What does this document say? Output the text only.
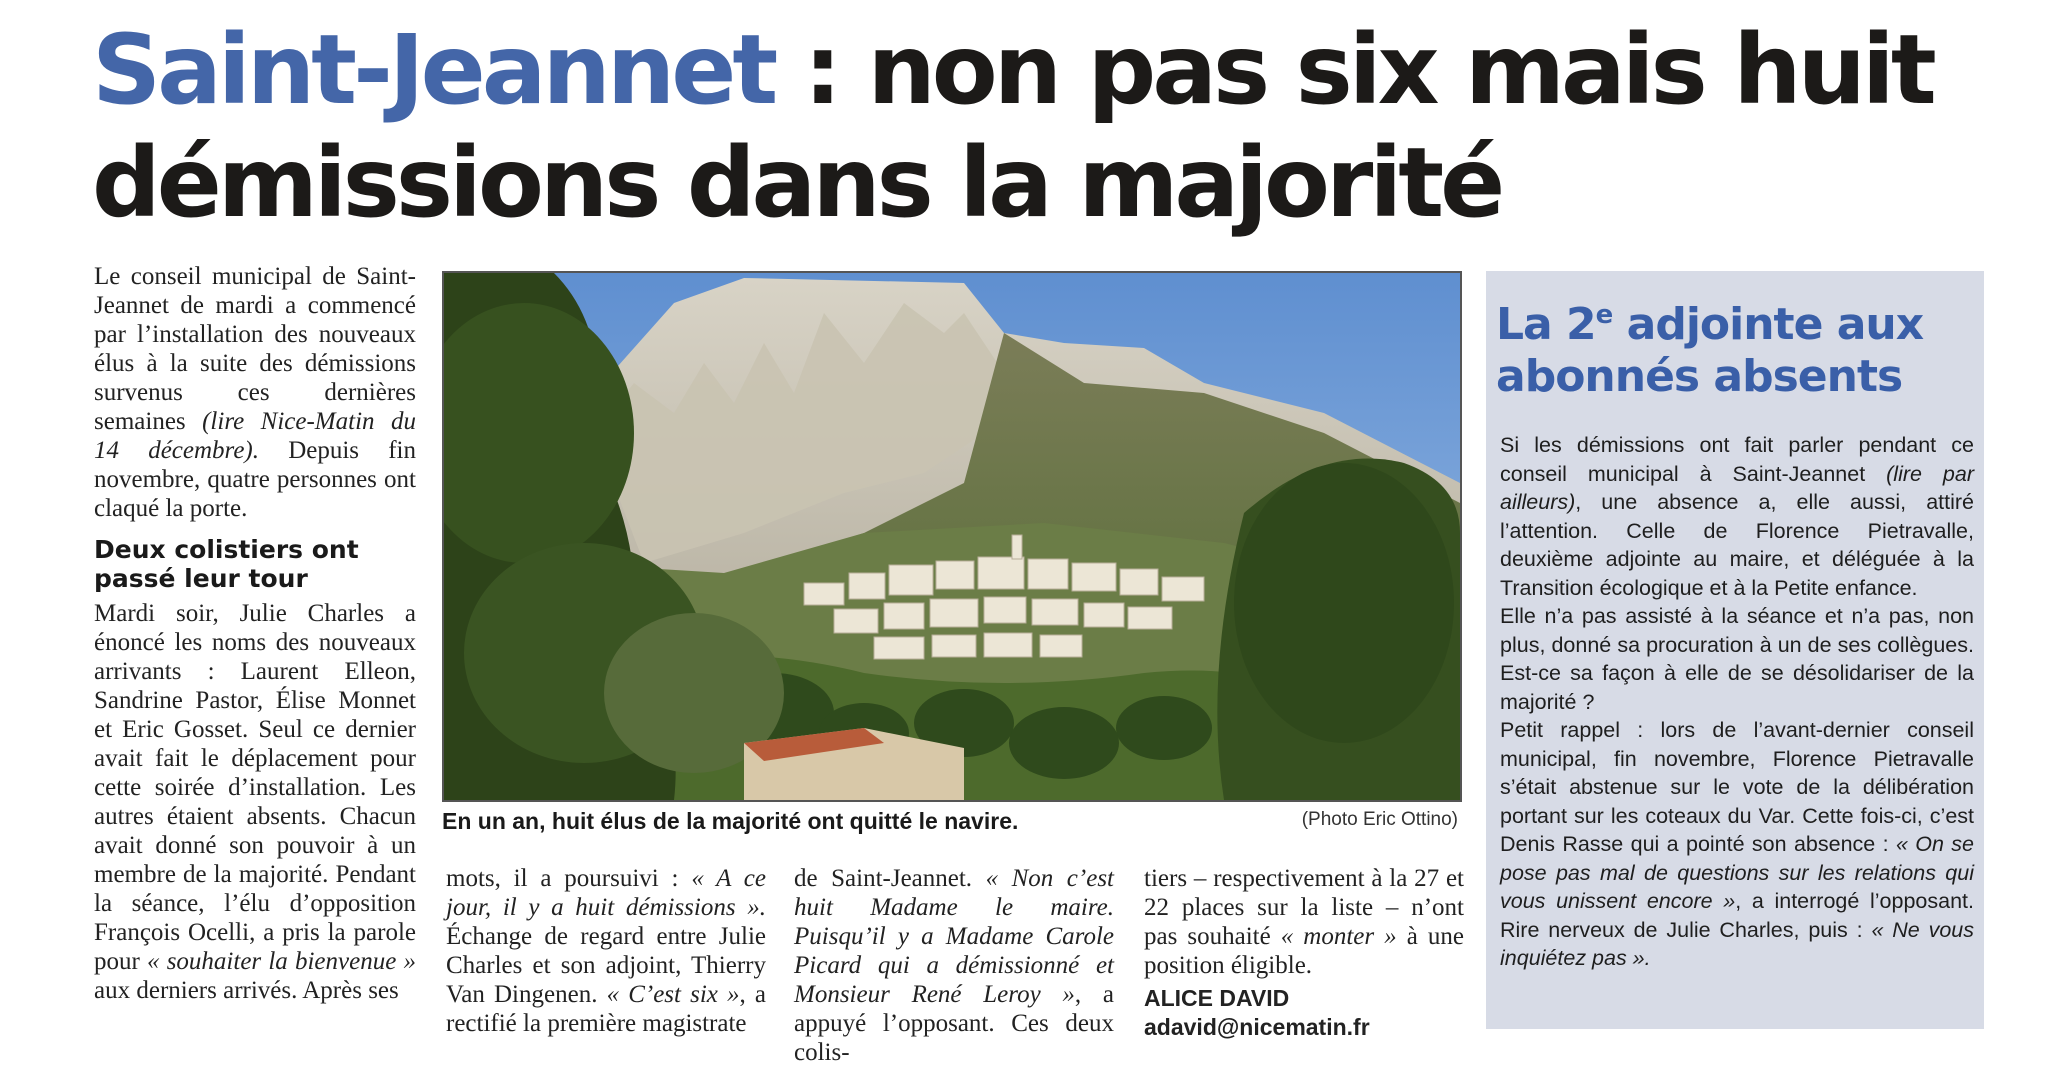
Saint-Jeannet : non pas six mais huit démissions dans la majorité

Le conseil municipal de Saint-Jeannet de mardi a commencé par l’installation des nouveaux élus à la suite des démissions survenus ces dernières semaines (lire Nice-Matin du 14 décembre). Depuis fin novembre, quatre personnes ont claqué la porte.

Deux colistiers ont passé leur tour

Mardi soir, Julie Charles a énoncé les noms des nouveaux arrivants : Laurent Elleon, Sandrine Pastor, Élise Monnet et Eric Gosset. Seul ce dernier avait fait le déplacement pour cette soirée d’installation. Les autres étaient absents. Chacun avait donné son pouvoir à un membre de la majorité. Pendant la séance, l’élu d’opposition François Ocelli, a pris la parole pour « souhaiter la bienvenue » aux derniers arrivés. Après ses

En un an, huit élus de la majorité ont quitté le navire.	(Photo Eric Ottino)

mots, il a poursuivi : « A ce jour, il y a huit démissions ». Échange de regard entre Julie Charles et son adjoint, Thierry Van Dingenen. « C’est six », a rectifié la première magistrate

de Saint-Jeannet. « Non c’est huit Madame le maire. Puisqu’il y a Madame Carole Picard qui a démissionné et Monsieur René Leroy », a appuyé l’opposant. Ces deux colis-

tiers – respectivement à la 27 et 22 places sur la liste – n’ont pas souhaité « monter » à une position éligible.

ALICE DAVID

adavid@nicematin.fr

La 2e adjointe aux abonnés absents

Si les démissions ont fait parler pendant ce conseil municipal à Saint-Jeannet (lire par ailleurs), une absence a, elle aussi, attiré l’attention. Celle de Florence Pietravalle, deuxième adjointe au maire, et déléguée à la Transition écologique et à la Petite enfance.

Elle n’a pas assisté à la séance et n’a pas, non plus, donné sa procuration à un de ses collègues. Est-ce sa façon à elle de se désolidariser de la majorité ?

Petit rappel : lors de l’avant-dernier conseil municipal, fin novembre, Florence Pietravalle s’était abstenue sur le vote de la délibération portant sur les coteaux du Var. Cette fois-ci, c’est Denis Rasse qui a pointé son absence : « On se pose pas mal de questions sur les relations qui vous unissent encore », a interrogé l’opposant. Rire nerveux de Julie Charles, puis : « Ne vous inquiétez pas ».
